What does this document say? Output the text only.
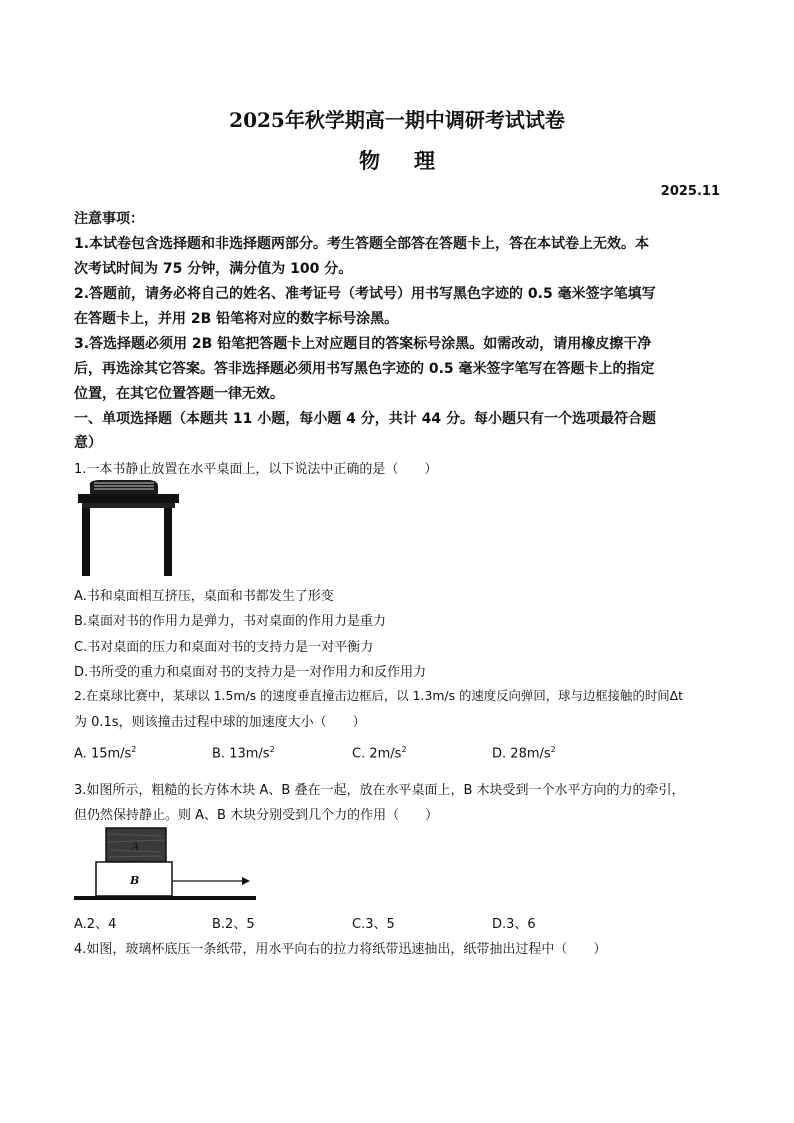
2025年秋学期高一期中调研考试试卷
物 理
2025.11
注意事项：
1.本试卷包含选择题和非选择题两部分。考生答题全部答在答题卡上，答在本试卷上无效。本
次考试时间为 75 分钟，满分值为 100 分。
2.答题前，请务必将自己的姓名、准考证号（考试号）用书写黑色字迹的 0.5 毫米签字笔填写
在答题卡上，并用 2B 铅笔将对应的数字标号涂黑。
3.答选择题必须用 2B 铅笔把答题卡上对应题目的答案标号涂黑。如需改动，请用橡皮擦干净
后，再选涂其它答案。答非选择题必须用书写黑色字迹的 0.5 毫米签字笔写在答题卡上的指定
位置，在其它位置答题一律无效。
一、单项选择题（本题共 11 小题，每小题 4 分，共计 44 分。每小题只有一个选项最符合题
意）
1.一本书静止放置在水平桌面上，以下说法中正确的是（　　）
A.书和桌面相互挤压，桌面和书都发生了形变
B.桌面对书的作用力是弹力，书对桌面的作用力是重力
C.书对桌面的压力和桌面对书的支持力是一对平衡力
D.书所受的重力和桌面对书的支持力是一对作用力和反作用力
2.在桌球比赛中，某球以 1.5m/s 的速度垂直撞击边框后，以 1.3m/s 的速度反向弹回，球与边框接触的时间Δt
为 0.1s，则该撞击过程中球的加速度大小（　　）
A. $15m/s^2$	B. $13m/s^2$	C. $2m/s^2$	D. $28m/s^2$
3.如图所示，粗糙的长方体木块 A、B 叠在一起，放在水平桌面上，B 木块受到一个水平方向的力的牵引，
但仍然保持静止。则 A、B 木块分别受到几个力的作用（　　）
A
B
A.2、4	B.2、5	C.3、5	D.3、6
4.如图，玻璃杯底压一条纸带，用水平向右的拉力将纸带迅速抽出，纸带抽出过程中（　　）
